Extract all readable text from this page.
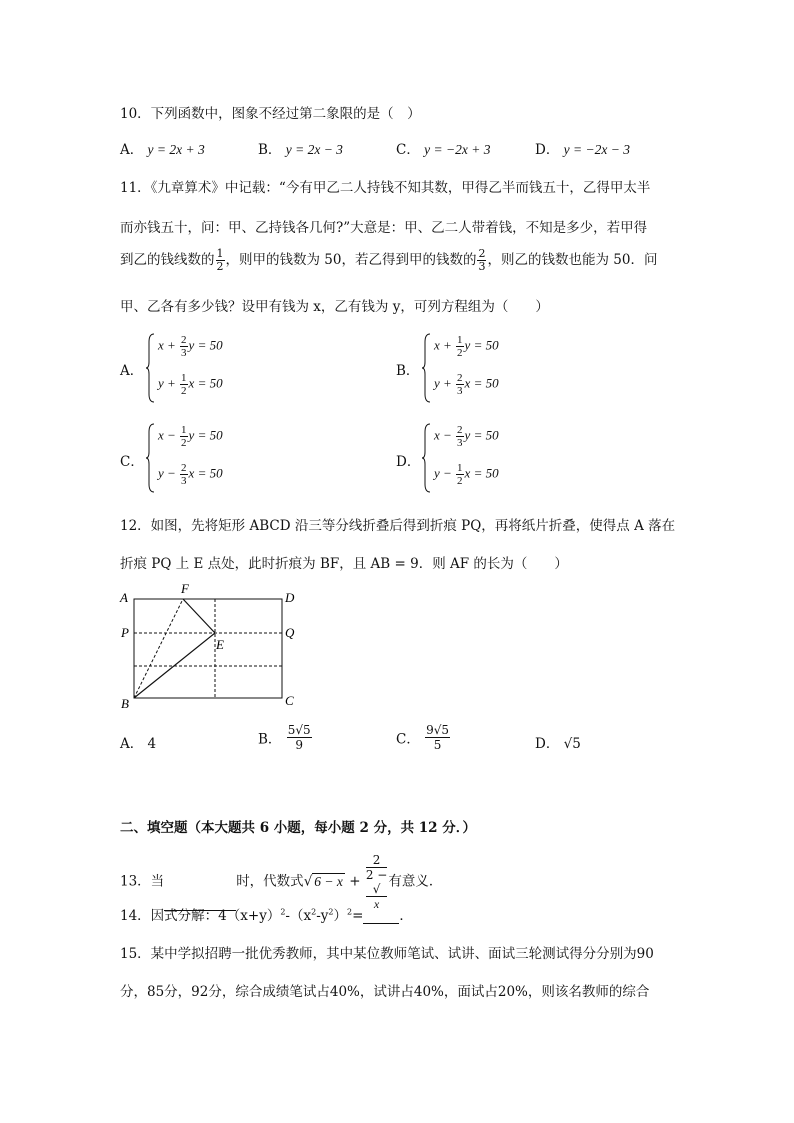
10．下列函数中，图象不经过第二象限的是（　）
A． y = 2x + 3	B． y = 2x − 3	C． y = −2x + 3	D． y = −2x − 3
11．《九章算术》中记载：“今有甲乙二人持钱不知其数，甲得乙半而钱五十，乙得甲太半
而亦钱五十，问：甲、乙持钱各几何?”大意是：甲、乙二人带着钱，不知是多少，若甲得
到乙的钱线数的 $\frac{1}{2}$ ，则甲的钱数为 50，若乙得到甲的钱数的 $\frac{2}{3}$ ，则乙的钱数也能为 50．问
甲、乙各有多少钱？设甲有钱为 x，乙有钱为 y，可列方程组为（　　）
A．
$x + \frac{2}{3}$ y = 50
$y + \frac{1}{2}$ x = 50
B．
$x + \frac{1}{2}$ y = 50
$y + \frac{2}{3}$ x = 50
C．
$x - \frac{1}{2}$ y = 50
$y - \frac{2}{3}$ x = 50
D．
$x - \frac{2}{3}$ y = 50
$y - \frac{1}{2}$ x = 50
12．如图，先将矩形 ABCD 沿三等分线折叠后得到折痕 PQ，再将纸片折叠，使得点 A 落在
折痕 PQ 上 E 点处，此时折痕为 BF，且 AB = 9．则 AF 的长为（　　）
A	D
F
P	Q
E
B	C
A． 4	B． $\frac{5√5}{9}$	C． $\frac{9√5}{5}$	D． √5
二、填空题（本大题共 6 小题，每小题 2 分，共 12 分．）
13．当	时，代数式√ 6 − x + 2
2 −
√
x 有意义．
14．因式分解：$4(x+y)^2-(x^2-y^2)^2=$	．
15．某中学拟招聘一批优秀教师，其中某位教师笔试、试讲、面试三轮测试得分分别为90
分，85分，92分，综合成绩笔试占40%，试讲占40%，面试占20%，则该名教师的综合
